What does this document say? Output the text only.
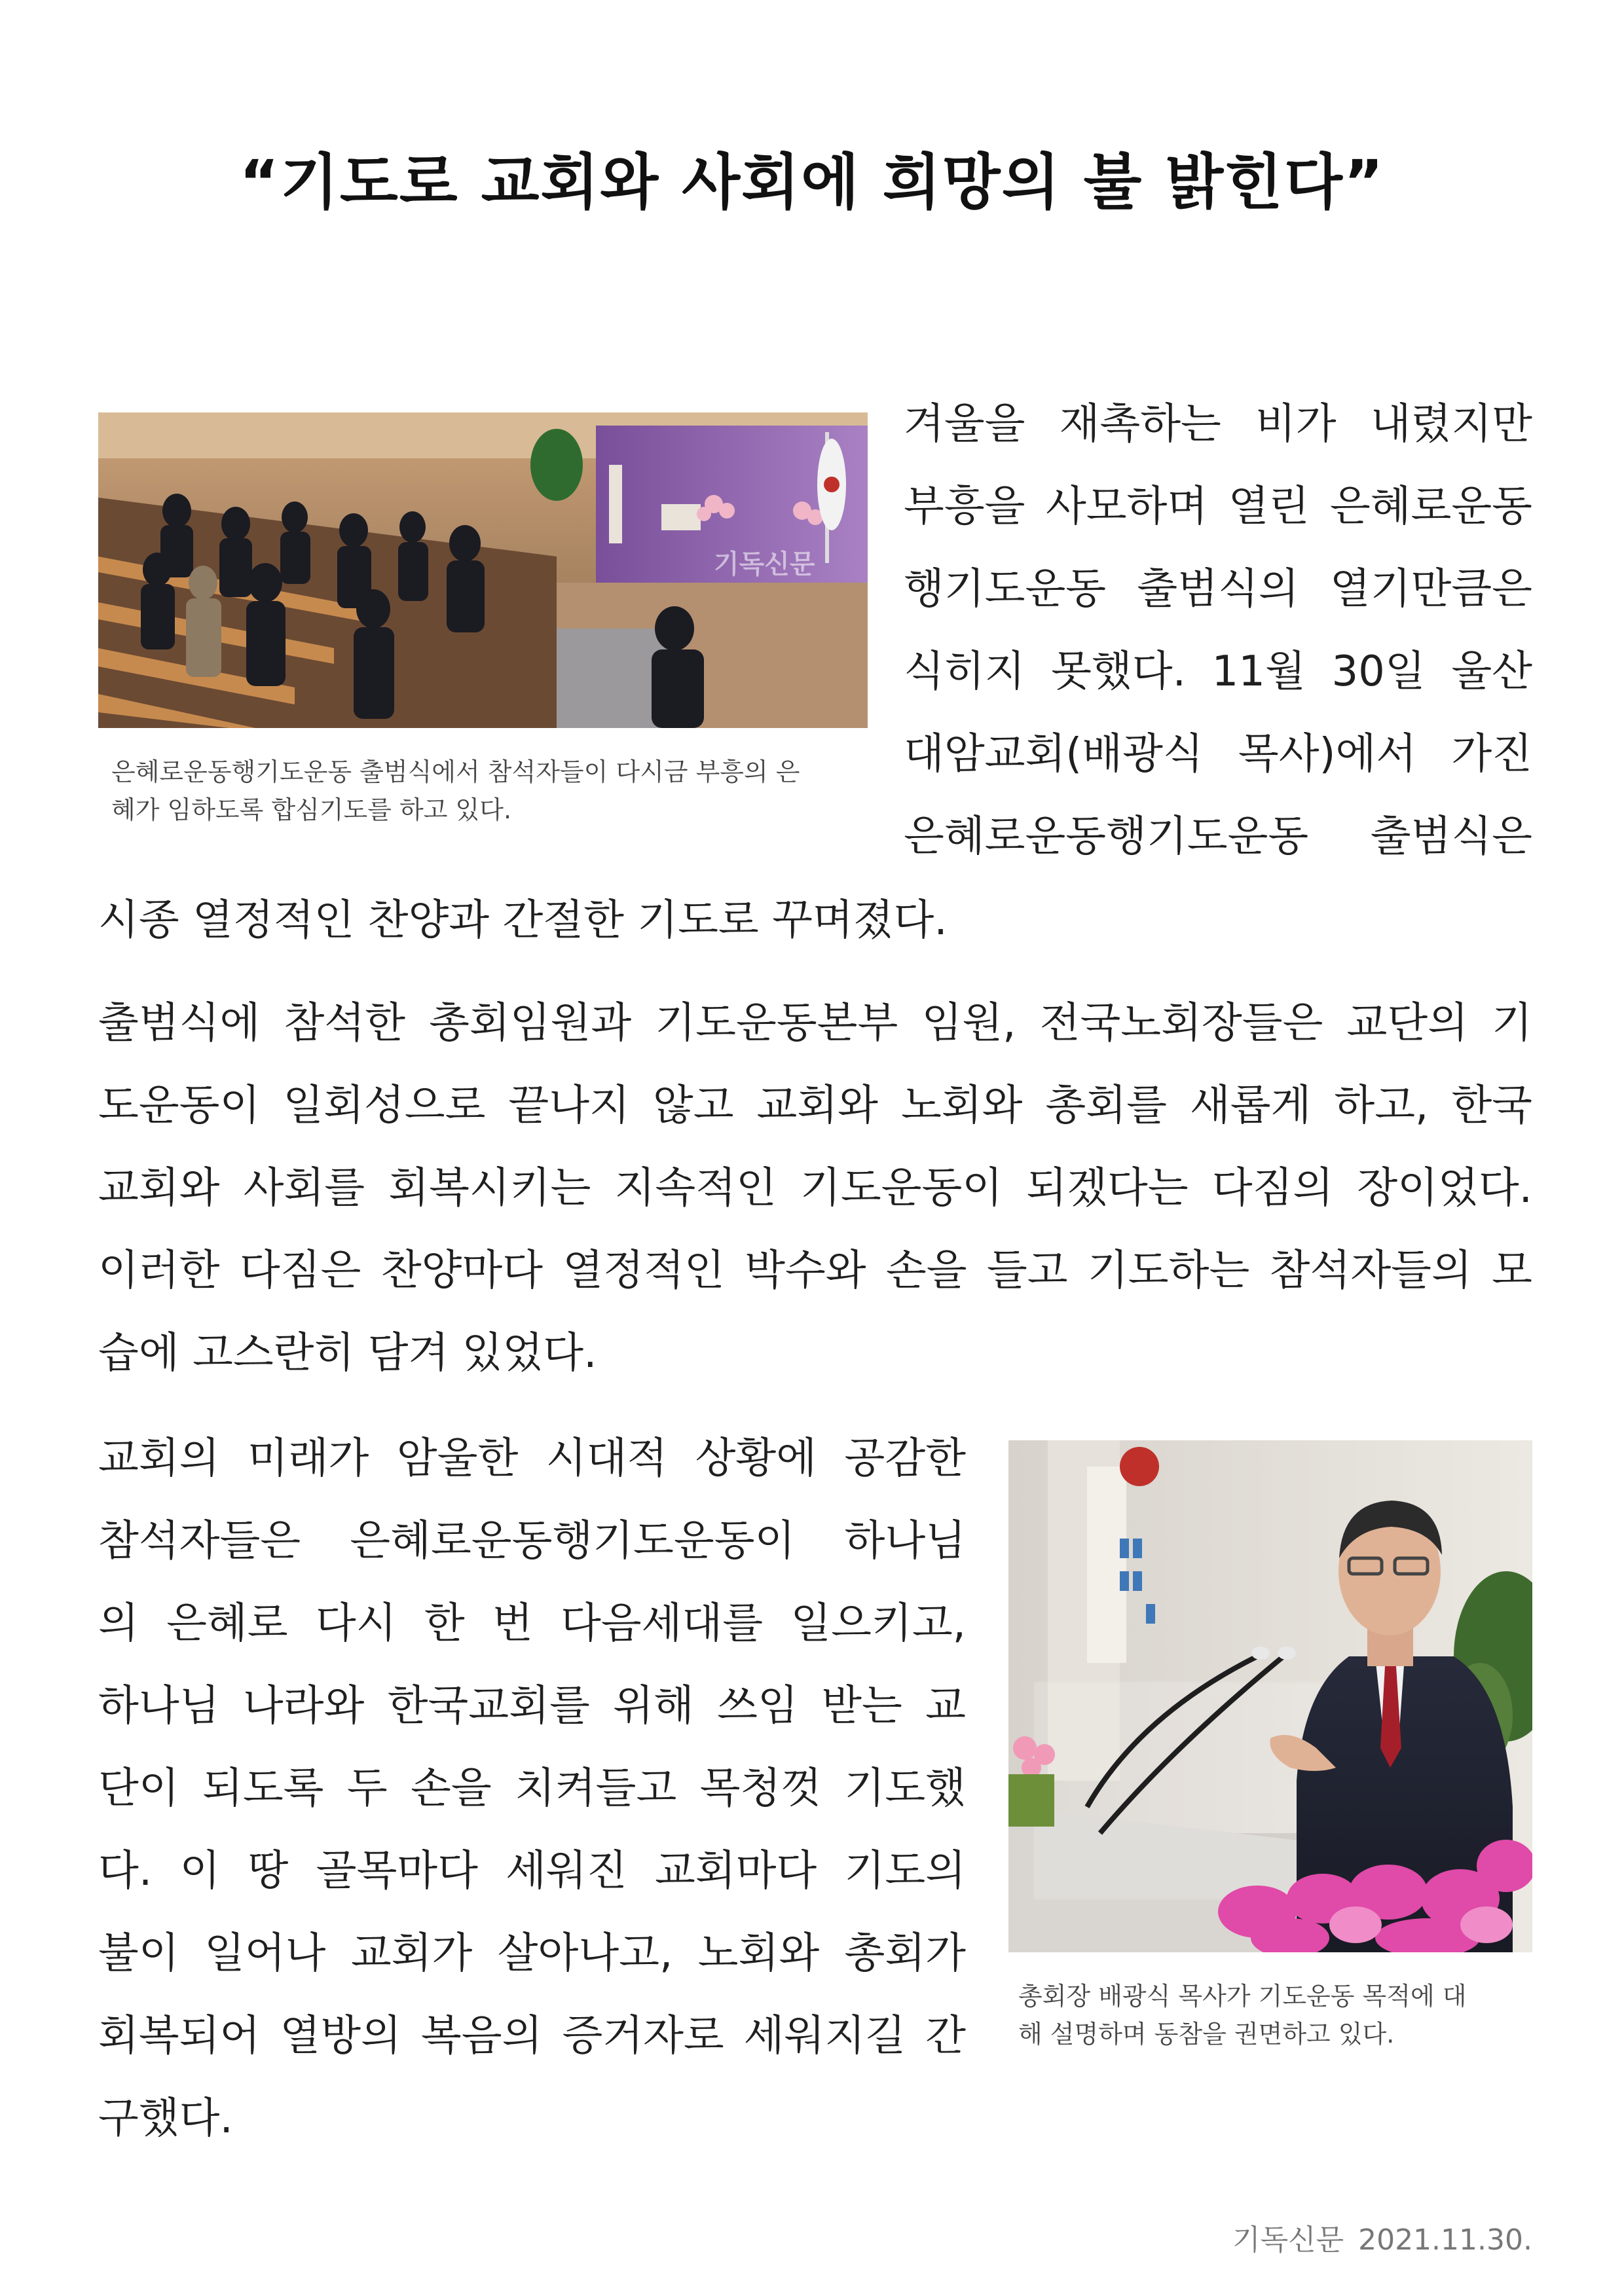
“기도로 교회와 사회에 희망의 불 밝힌다”
기독신문
은혜로운동행기도운동 출범식에서 참석자들이 다시금 부흥의 은
혜가 임하도록 합심기도를 하고 있다.
겨울을 재촉하는 비가 내렸지만
부흥을 사모하며 열린 은혜로운동
행기도운동 출범식의 열기만큼은
식히지 못했다. 11월 30일 울산
대암교회(배광식 목사)에서 가진
은혜로운동행기도운동 출범식은
시종 열정적인 찬양과 간절한 기도로 꾸며졌다.
출범식에 참석한 총회임원과 기도운동본부 임원, 전국노회장들은 교단의 기
도운동이 일회성으로 끝나지 않고 교회와 노회와 총회를 새롭게 하고, 한국
교회와 사회를 회복시키는 지속적인 기도운동이 되겠다는 다짐의 장이었다.
이러한 다짐은 찬양마다 열정적인 박수와 손을 들고 기도하는 참석자들의 모
습에 고스란히 담겨 있었다.
교회의 미래가 암울한 시대적 상황에 공감한
참석자들은 은혜로운동행기도운동이 하나님
의 은혜로 다시 한 번 다음세대를 일으키고,
하나님 나라와 한국교회를 위해 쓰임 받는 교
단이 되도록 두 손을 치켜들고 목청껏 기도했
다. 이 땅 골목마다 세워진 교회마다 기도의
불이 일어나 교회가 살아나고, 노회와 총회가
회복되어 열방의 복음의 증거자로 세워지길 간
구했다.
총회장 배광식 목사가 기도운동 목적에 대
해 설명하며 동참을 권면하고 있다.
기독신문 2021.11.30.
